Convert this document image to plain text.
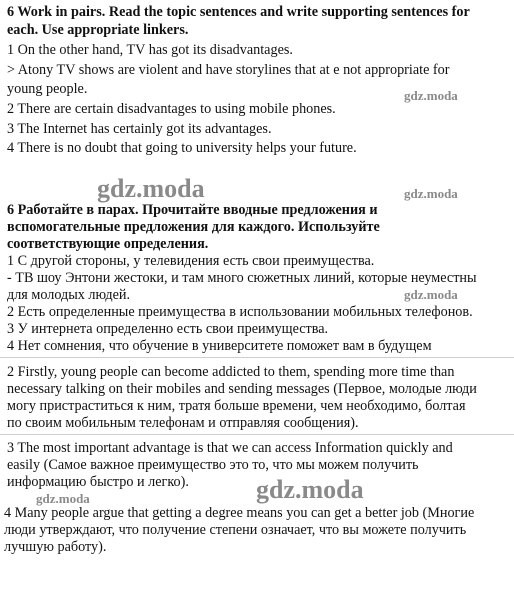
6 Work in pairs. Read the topic sentences and write supporting sentences for
each. Use appropriate linkers.
1 On the other hand, TV has got its disadvantages.
> Atony TV shows are violent and have storylines that at e not appropriate for
young people.
2 There are certain disadvantages to using mobile phones.
3 The Internet has certainly got its advantages.
4 There is no doubt that going to university helps your future.
6 Работайте в парах. Прочитайте вводные предложения и
вспомогательные предложения для каждого. Используйте
соответствующие определения.
1 С другой стороны, у телевидения есть свои преимущества.
- ТВ шоу Энтони жестоки, и там много сюжетных линий, которые неуместны
для молодых людей.
2 Есть определенные преимущества в использовании мобильных телефонов.
3 У интернета определенно есть свои преимущества.
4 Нет сомнения, что обучение в университете поможет вам в будущем
2 Firstly, young people can become addicted to them, spending more time than
necessary talking on their mobiles and sending messages (Первое, молодые люди
могу пристраститься к ним, тратя больше времени, чем необходимо, болтая
по своим мобильным телефонам и отправляя сообщения).
3 The most important advantage is that we can access Information quickly and
easily (Самое важное преимущество это то, что мы можем получить
информацию быстро и легко).
4 Many people argue that getting a degree means you can get a better job (Многие
люди утверждают, что получение степени означает, что вы можете получить
лучшую работу).
gdz.moda
gdz.moda	gdz.moda
gdz.moda
gdz.moda
gdz.moda
